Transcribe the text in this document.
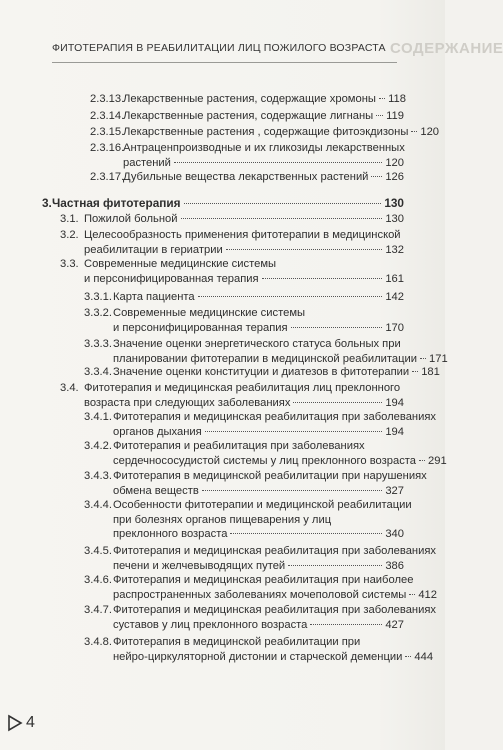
СОДЕРЖАНИЕ
ФИТОТЕРАПИЯ В РЕАБИЛИТАЦИИ ЛИЦ ПОЖИЛОГО ВОЗРАСТА
2.3.13.
Лекарственные растения, содержащие хромоны 118
2.3.14.
Лекарственные растения, содержащие лигнаны 119
2.3.15.
Лекарственные растения , содержащие фитоэкдизоны 120
2.3.16.
Антраценпроизводные и их гликозиды лекарственных
растений	120
2.3.17.
Дубильные вещества лекарственных растений 126
3. Частная фитотерапия	130
3.1. Пожилой больной	130
3.2. Целесообразность применения фитотерапии в медицинской
реабилитации в гериатрии	132
3.3. Современные медицинские системы
и персонифицированная терапия	161
3.3.1. Карта пациента	142
3.3.2. Современные медицинские системы
и персонифицированная терапия	170
3.3.3. Значение оценки энергетического статуса больных при
планировании фитотерапии в медицинской реабилитации 171
3.3.4. Значение оценки конституции и диатезов в фитотерапии 181
3.4. Фитотерапия и медицинская реабилитация лиц преклонного
возраста при следующих заболеваниях	194
3.4.1. Фитотерапия и медицинская реабилитация при заболеваниях
органов дыхания	194
3.4.2. Фитотерапия и реабилитация при заболеваниях
сердечнососудистой системы у лиц преклонного возраста 291
3.4.3. Фитотерапия в медицинской реабилитации при нарушениях
обмена веществ	327
3.4.4. Особенности фитотерапии и медицинской реабилитации
при болезнях органов пищеварения у лиц
преклонного возраста	340
3.4.5. Фитотерапия и медицинская реабилитация при заболеваниях
печени и желчевыводящих путей	386
3.4.6. Фитотерапия и медицинская реабилитация при наиболее
распространенных заболеваниях мочеполовой системы 412
3.4.7. Фитотерапия и медицинская реабилитация при заболеваниях
суставов у лиц преклонного возраста	427
3.4.8. Фитотерапия в медицинской реабилитации при
нейро-циркуляторной дистонии и старческой деменции 444
4
